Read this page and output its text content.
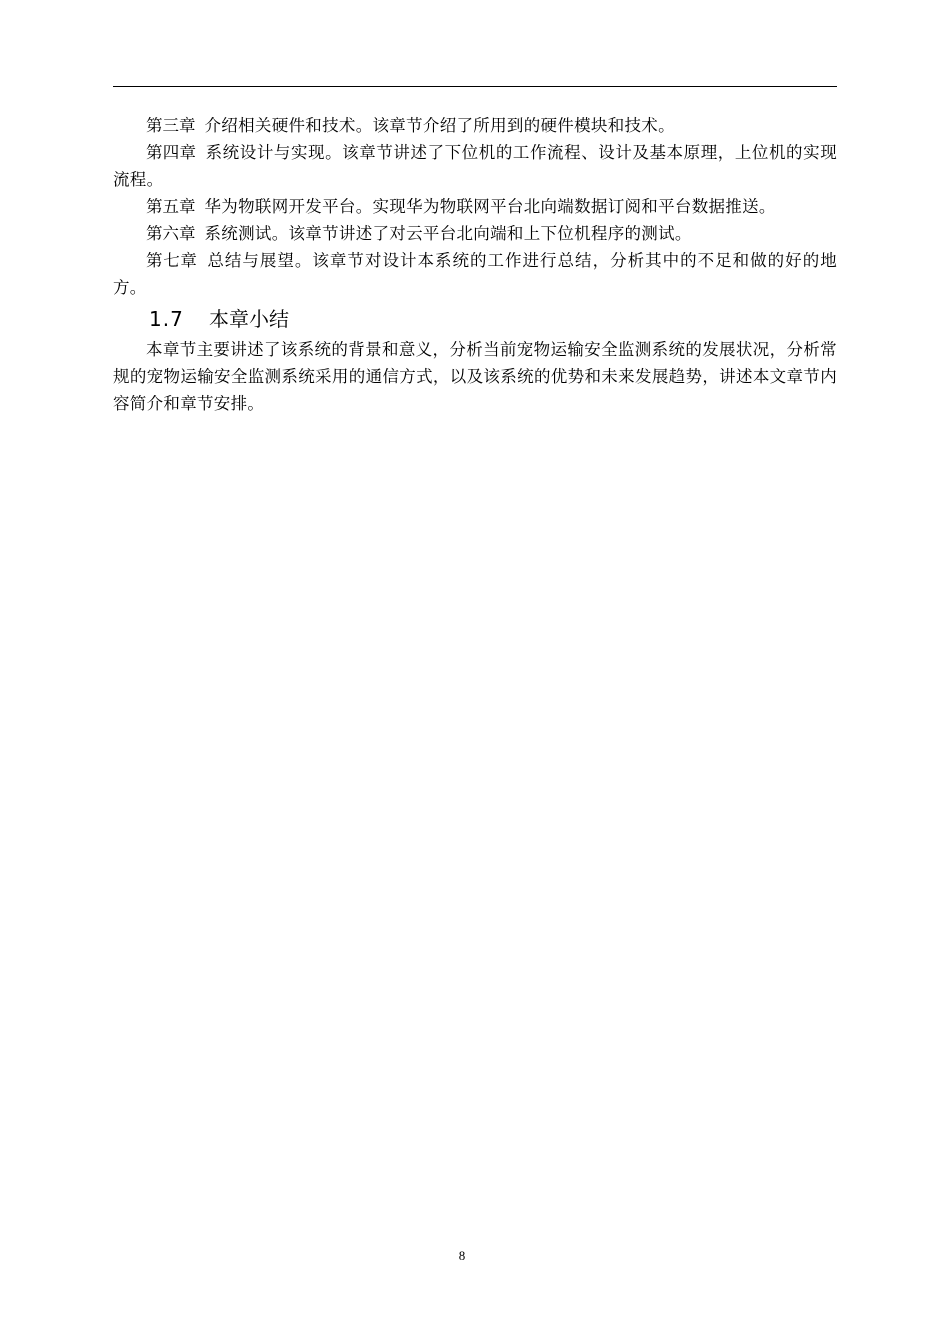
第三章 介绍相关硬件和技术。该章节介绍了所用到的硬件模块和技术。

第四章 系统设计与实现。该章节讲述了下位机的工作流程、设计及基本原理，上位机的实现流程。

第五章 华为物联网开发平台。实现华为物联网平台北向端数据订阅和平台数据推送。

第六章 系统测试。该章节讲述了对云平台北向端和上下位机程序的测试。

第七章 总结与展望。该章节对设计本系统的工作进行总结，分析其中的不足和做的好的地方。

1.7 本章小结

本章节主要讲述了该系统的背景和意义，分析当前宠物运输安全监测系统的发展状况，分析常规的宠物运输安全监测系统采用的通信方式，以及该系统的优势和未来发展趋势，讲述本文章节内容简介和章节安排。

8
